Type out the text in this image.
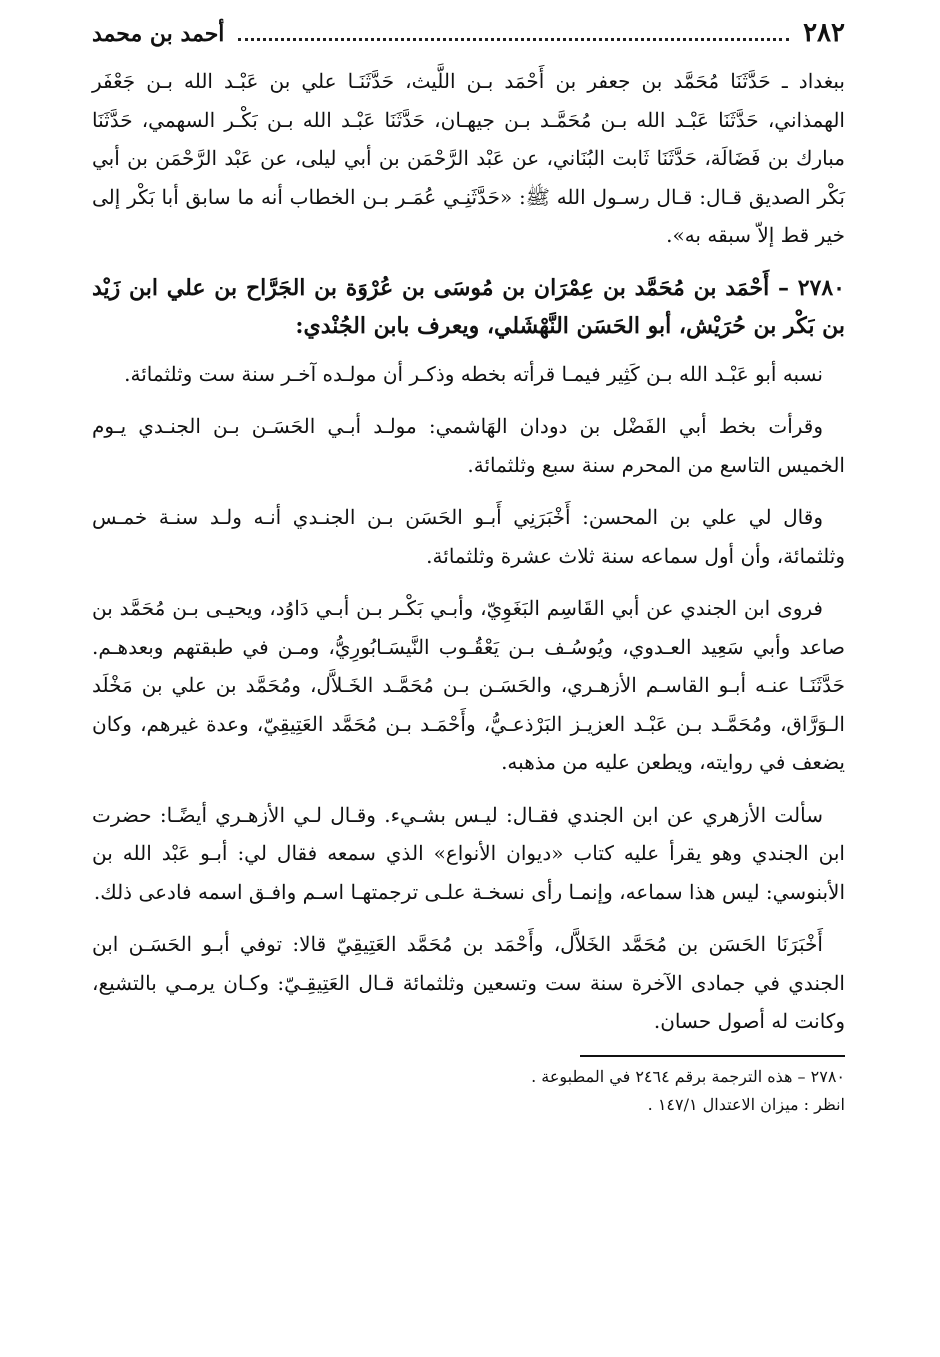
٢٨٢
أحمد بن محمد

ببغداد ـ حَدَّثَنَا مُحَمَّد بن جعفر بن أَحْمَد بـن اللَّيث، حَدَّثَنَـا علي بن عَبْـد الله بـن جَعْفَر الهمذاني، حَدَّثَنَا عَبْـد الله بـن مُحَمَّـد بـن جيهـان، حَدَّثَنَا عَبْـد الله بـن بَكْـر السهمي، حَدَّثَنَا مبارك بن فَضَالَة، حَدَّثَنَا ثَابت البُنَاني، عن عَبْد الرَّحْمَن بن أبي ليلى، عن عَبْد الرَّحْمَن بن أبي بَكْر الصديق قـال: قـال رسـول الله ﷺ: «حَدَّثَنِـي عُمَـر بـن الخطاب أنه ما سابق أبا بَكْر إلى خير قط إلاّ سبقه به».

٢٧٨٠ – أَحْمَد بن مُحَمَّد بن عِمْرَان بن مُوسَى بن عُرْوَة بن الجَرَّاح بن علي ابن زَيْد بن بَكْر بن حُرَيْش، أبو الحَسَن النَّهْشَلي، ويعرف بابن الجُنْدي:

نسبه أبو عَبْـد الله بـن كَثِير فيمـا قرأته بخطه وذكـر أن مولـده آخـر سنة ست وثلثمائة.

وقرأت بخط أبي الفَضْل بن دودان الهَاشمي: مولـد أبـي الحَسَـن بـن الجنـدي يـوم الخميس التاسع من المحرم سنة سبع وثلثمائة.

وقال لي علي بن المحسن: أَخْبَرَنِي أَبـو الحَسَن بـن الجنـدي أنـه ولـد سنـة خمـس وثلثمائة، وأن أول سماعه سنة ثلاث عشرة وثلثمائة.

فروى ابن الجندي عن أبي القَاسِم البَغَوِيّ، وأبـي بَكْـر بـن أبـي دَاوُد، ويحيـى بـن مُحَمَّد بن صاعد وأبي سَعِيد العـدوي، ويُوسُـف بـن يَعْقُـوب النَّيسَـابُورِيُّ، ومـن في طبقتهم وبعدهـم. حَدَّثَنَـا عنـه أبـو القاسـم الأزهـري، والحَسَـن بـن مُحَمَّـد الخَـلاَّل، ومُحَمَّد بن علي بن مَخْلَد الـوَرَّاق، ومُحَمَّـد بـن عَبْـد العزيـز البَرْذعـيُّ، وأَحْمَـد بـن مُحَمَّد العَتِيقِيّ، وعدة غيرهم، وكان يضعف في روايته، ويطعن عليه من مذهبه.

سألت الأزهري عن ابن الجندي فقـال: ليـس بشـيء. وقـال لـي الأزهـري أيضًـا: حضرت ابن الجندي وهو يقرأ عليه كتاب «ديوان الأنواع» الذي سمعه فقال لي: أبـو عَبْد الله بن الأبنوسي: ليس هذا سماعه، وإنمـا رأى نسخـة علـى ترجمتهـا اسـم وافـق اسمه فادعى ذلك.

أَخْبَرَنَا الحَسَن بن مُحَمَّد الخَلاَّل، وأَحْمَد بن مُحَمَّد العَتِيقِيّ قالا: توفي أبـو الحَسَـن ابن الجندي في جمادى الآخرة سنة ست وتسعين وثلثمائة قـال العَتِيقِـيّ: وكـان يرمـي بالتشيع، وكانت له أصول حسان.

٢٧٨٠ – هذه الترجمة برقم ٢٤٦٤ في المطبوعة .

انظر : ميزان الاعتدال ١٤٧/١ .
